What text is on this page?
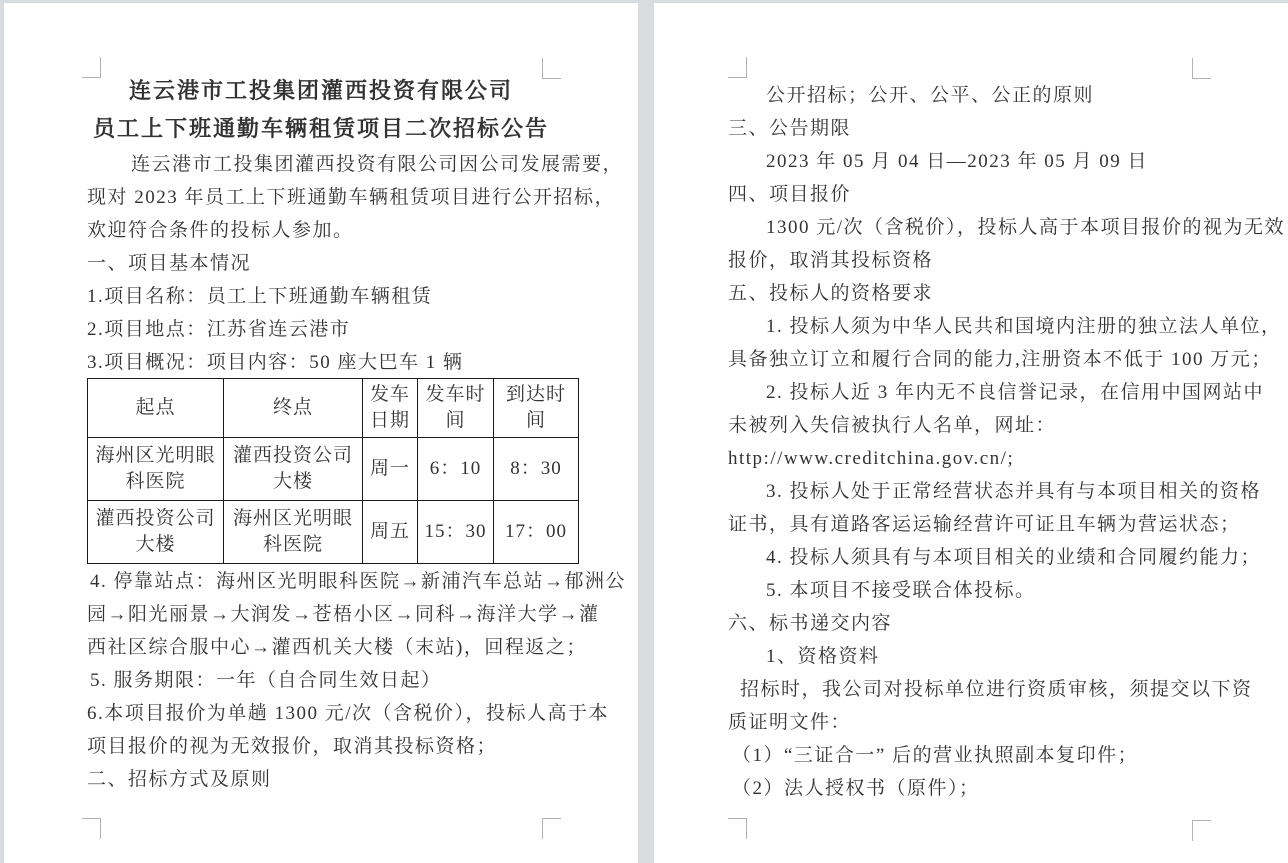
连云港市工投集团灌西投资有限公司
员工上下班通勤车辆租赁项目二次招标公告
连云港市工投集团灌西投资有限公司因公司发展需要，
现对 2023 年员工上下班通勤车辆租赁项目进行公开招标，
欢迎符合条件的投标人参加。
一、项目基本情况
1.项目名称：员工上下班通勤车辆租赁
2.项目地点：江苏省连云港市
3.项目概况：项目内容：50 座大巴车 1 辆
起点	终点	发车日期	发车时间	到达时间
海州区光明眼科医院	灌西投资公司大楼	周一	6：10	8：30
灌西投资公司大楼	海州区光明眼科医院	周五	15：30	17：00
4. 停靠站点：海州区光明眼科医院→新浦汽车总站→郁洲公
园→阳光丽景→大润发→苍梧小区→同科→海洋大学→灌
西社区综合服中心→灌西机关大楼（末站)，回程返之；
5. 服务期限：一年（自合同生效日起）
6.本项目报价为单趟 1300 元/次（含税价），投标人高于本
项目报价的视为无效报价，取消其投标资格；
二、招标方式及原则
公开招标；公开、公平、公正的原则
三、公告期限
2023 年 05 月 04 日—2023 年 05 月 09 日
四、项目报价
1300 元/次（含税价），投标人高于本项目报价的视为无效
报价，取消其投标资格
五、投标人的资格要求
1. 投标人须为中华人民共和国境内注册的独立法人单位，
具备独立订立和履行合同的能力,注册资本不低于 100 万元；
2. 投标人近 3 年内无不良信誉记录，在信用中国网站中
未被列入失信被执行人名单，网址：
http://www.creditchina.gov.cn/;
3. 投标人处于正常经营状态并具有与本项目相关的资格
证书，具有道路客运运输经营许可证且车辆为营运状态；
4. 投标人须具有与本项目相关的业绩和合同履约能力；
5. 本项目不接受联合体投标。
六、标书递交内容
1、资格资料
招标时，我公司对投标单位进行资质审核，须提交以下资
质证明文件：
（1）“三证合一” 后的营业执照副本复印件；
（2）法人授权书（原件）；
